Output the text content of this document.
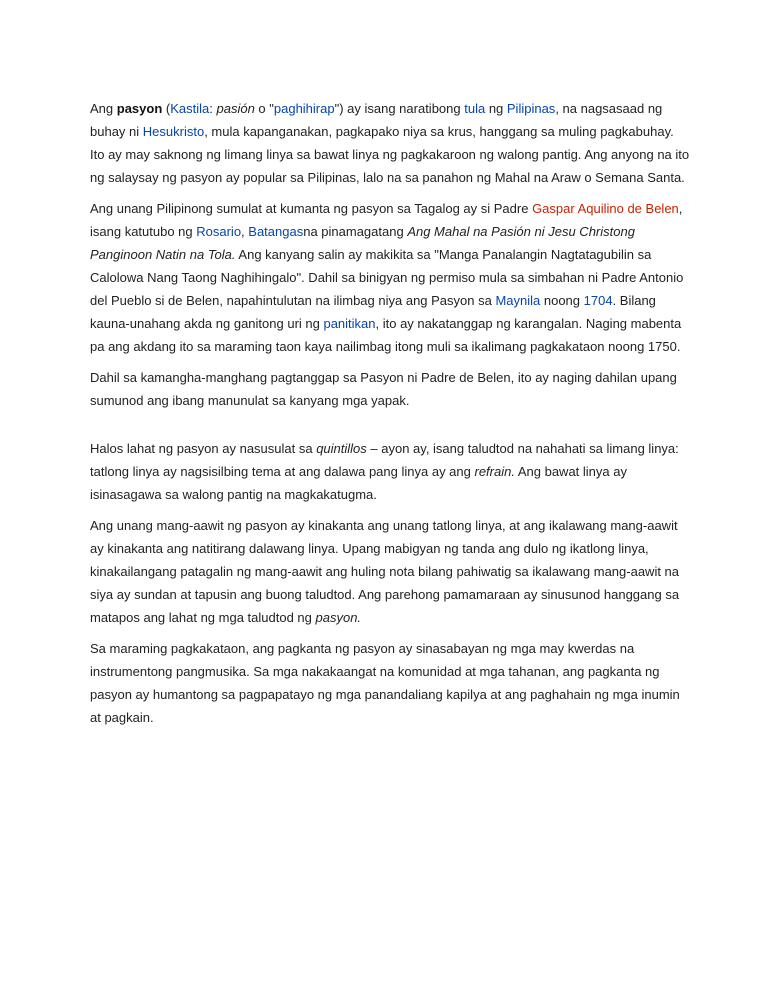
Ang pasyon (Kastila: pasión o "paghihirap") ay isang naratibong tula ng Pilipinas, na nagsasaad ng buhay ni Hesukristo, mula kapanganakan, pagkapako niya sa krus, hanggang sa muling pagkabuhay. Ito ay may saknong ng limang linya sa bawat linya ng pagkakaroon ng walong pantig. Ang anyong na ito ng salaysay ng pasyon ay popular sa Pilipinas, lalo na sa panahon ng Mahal na Araw o Semana Santa.

Ang unang Pilipinong sumulat at kumanta ng pasyon sa Tagalog ay si Padre Gaspar Aquilino de Belen, isang katutubo ng Rosario, Batangasna pinamagatang Ang Mahal na Pasión ni Jesu Christong Panginoon Natin na Tola. Ang kanyang salin ay makikita sa "Manga Panalangin Nagtatagubilin sa Calolowa Nang Taong Naghihingalo". Dahil sa binigyan ng permiso mula sa simbahan ni Padre Antonio del Pueblo si de Belen, napahintulutan na ilimbag niya ang Pasyon sa Maynila noong 1704. Bilang kauna-unahang akda ng ganitong uri ng panitikan, ito ay nakatanggap ng karangalan. Naging mabenta pa ang akdang ito sa maraming taon kaya nailimbag itong muli sa ikalimang pagkakataon noong 1750.

Dahil sa kamangha-manghang pagtanggap sa Pasyon ni Padre de Belen, ito ay naging dahilan upang sumunod ang ibang manunulat sa kanyang mga yapak.

Halos lahat ng pasyon ay nasusulat sa quintillos – ayon ay, isang taludtod na nahahati sa limang linya: tatlong linya ay nagsisilbing tema at ang dalawa pang linya ay ang refrain. Ang bawat linya ay isinasagawa sa walong pantig na magkakatugma.

Ang unang mang-aawit ng pasyon ay kinakanta ang unang tatlong linya, at ang ikalawang mang-aawit ay kinakanta ang natitirang dalawang linya. Upang mabigyan ng tanda ang dulo ng ikatlong linya, kinakailangang patagalin ng mang-aawit ang huling nota bilang pahiwatig sa ikalawang mang-aawit na siya ay sundan at tapusin ang buong taludtod. Ang parehong pamamaraan ay sinusunod hanggang sa matapos ang lahat ng mga taludtod ng pasyon.

Sa maraming pagkakataon, ang pagkanta ng pasyon ay sinasabayan ng mga may kwerdas na instrumentong pangmusika. Sa mga nakakaangat na komunidad at mga tahanan, ang pagkanta ng pasyon ay humantong sa pagpapatayo ng mga panandaliang kapilya at ang paghahain ng mga inumin at pagkain.
